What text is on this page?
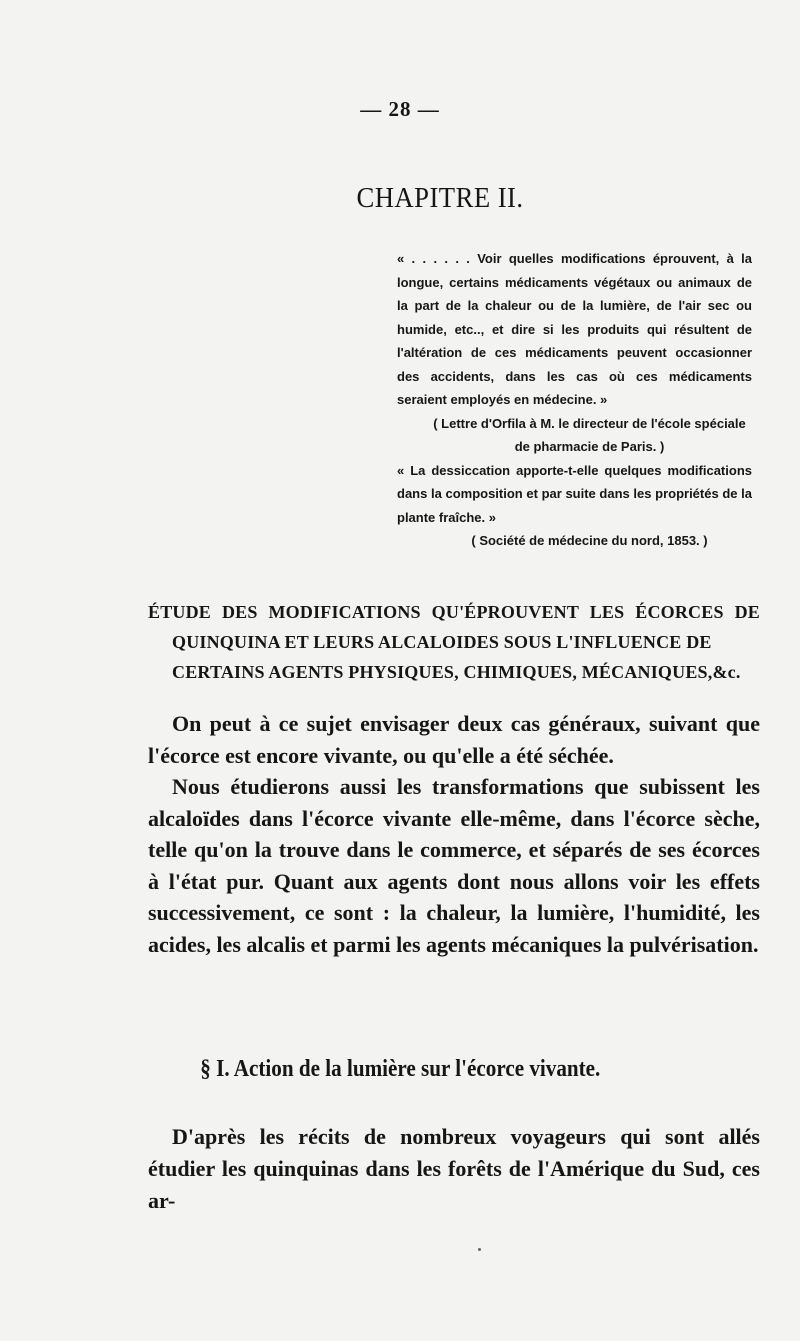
— 28 —
CHAPITRE II.

« . . . . . . Voir quelles modifications éprouvent, à la longue, certains médicaments végétaux ou animaux de la part de la chaleur ou de la lumière, de l'air sec ou humide, etc.., et dire si les produits qui résultent de l'altération de ces médicaments peuvent occasionner des accidents, dans les cas où ces médicaments seraient employés en médecine. »

( Lettre d'Orfila à M. le directeur de l'école spéciale de pharmacie de Paris. )

« La dessiccation apporte-t-elle quelques modifications dans la composition et par suite dans les propriétés de la plante fraîche. »

( Société de médecine du nord, 1853. )

ÉTUDE DES MODIFICATIONS QU'ÉPROUVENT LES ÉCORCES DE
QUINQUINA ET LEURS ALCALOIDES SOUS L'INFLUENCE DE CERTAINS AGENTS PHYSIQUES, CHIMIQUES, MÉCANIQUES,&c.

On peut à ce sujet envisager deux cas généraux, suivant que l'écorce est encore vivante, ou qu'elle a été séchée.

Nous étudierons aussi les transformations que subissent les alcaloïdes dans l'écorce vivante elle-même, dans l'écorce sèche, telle qu'on la trouve dans le commerce, et séparés de ses écorces à l'état pur. Quant aux agents dont nous allons voir les effets successivement, ce sont : la chaleur, la lumière, l'humidité, les acides, les alcalis et parmi les agents mécaniques la pulvérisation.

§ I. Action de la lumière sur l'écorce vivante.

D'après les récits de nombreux voyageurs qui sont allés étudier les quinquinas dans les forêts de l'Amérique du Sud, ces ar-
